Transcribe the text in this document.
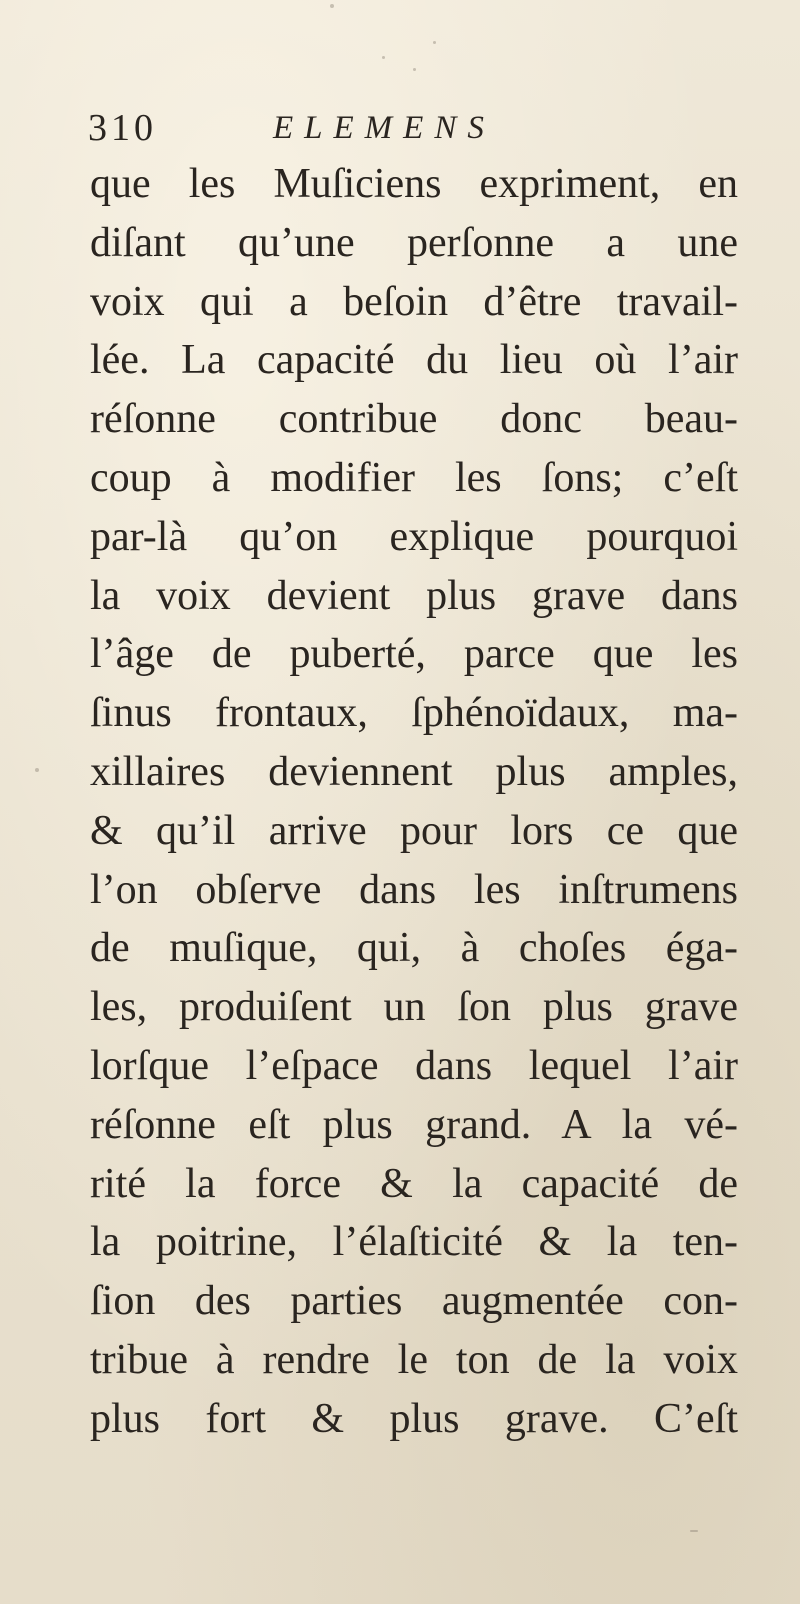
310	ELEMENS
que les Muſiciens expriment, en
diſant qu’une perſonne a une
voix qui a beſoin d’être travail-
lée. La capacité du lieu où l’air
réſonne contribue donc beau-
coup à modifier les ſons; c’eſt
par-là qu’on explique pourquoi
la voix devient plus grave dans
l’âge de puberté, parce que les
ſinus frontaux, ſphénoïdaux, ma-
xillaires deviennent plus amples,
& qu’il arrive pour lors ce que
l’on obſerve dans les inſtrumens
de muſique, qui, à choſes éga-
les, produiſent un ſon plus grave
lorſque l’eſpace dans lequel l’air
réſonne eſt plus grand. A la vé-
rité la force & la capacité de
la poitrine, l’élaſticité & la ten-
ſion des parties augmentée con-
tribue à rendre le ton de la voix
plus fort & plus grave. C’eſt
